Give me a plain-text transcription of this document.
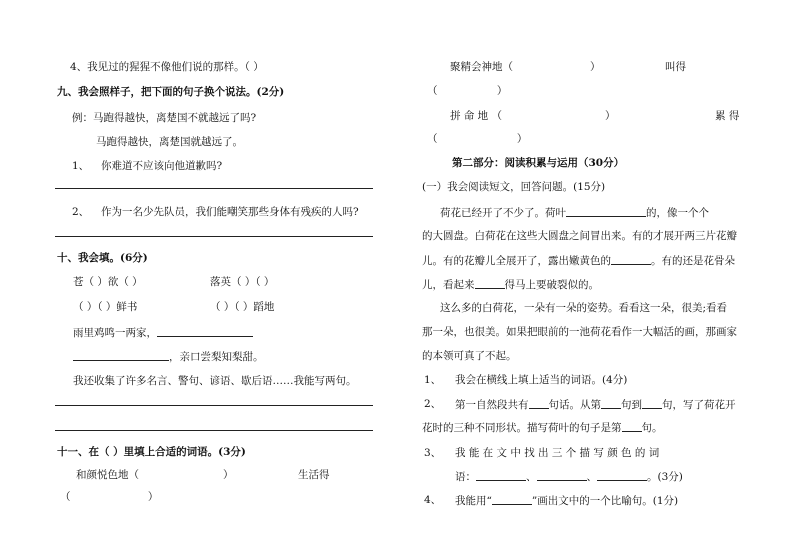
4、我见过的猩猩不像他们说的那样。（ ）
九、我会照样子，把下面的句子换个说法。(2分)
例：马跑得越快，离楚国不就越远了吗?
马跑得越快，离楚国就越远了。
1、 你难道不应该向他道歉吗?
2、 作为一名少先队员，我们能嘲笑那些身体有残疾的人吗?
十、我会填。(6分)
苍（ ）欲（ ）	落英（ ）（ ）
（ ）（ ）鲜书	（ ）（ ）蹈地
雨里鸡鸣一两家，
，亲口尝梨知梨甜。
我还收集了许多名言、警句、谚语、歇后语……我能写两句。
十一、在（ ）里填上合适的词语。(3分)
和颜悦色地（	）	生活得
（ ）
聚精会神地（	）	叫得
（ ）
拼 命 地 （	）	累 得
（ ）
第二部分：阅读积累与运用（30分）
(一）我会阅读短文，回答问题。(15分)
荷花已经开了不少了。荷叶	的，像一个个
的大圆盘。白荷花在这些大圆盘之间冒出来。有的才展开两三片花瓣
儿。有的花瓣儿全展开了，露出嫩黄色的	。有的还是花骨朵
儿，看起来	得马上要破裂似的。
这么多的白荷花，一朵有一朵的姿势。看看这一朵，很美;看看
那一朵，也很美。如果把眼前的一池荷花看作一大幅活的画，那画家
的本领可真了不起。
1、 我会在横线上填上适当的词语。(4分)
2、 第一自然段共有 句话。从第 句到 句，写了荷花开
花时的三种不同形状。描写荷叶的句子是第 句。
3、 我 能 在 文 中 找 出 三 个 描 写 颜 色 的 词
语：	、	、	。(3分)
4、 我能用“	”画出文中的一个比喻句。(1分)
